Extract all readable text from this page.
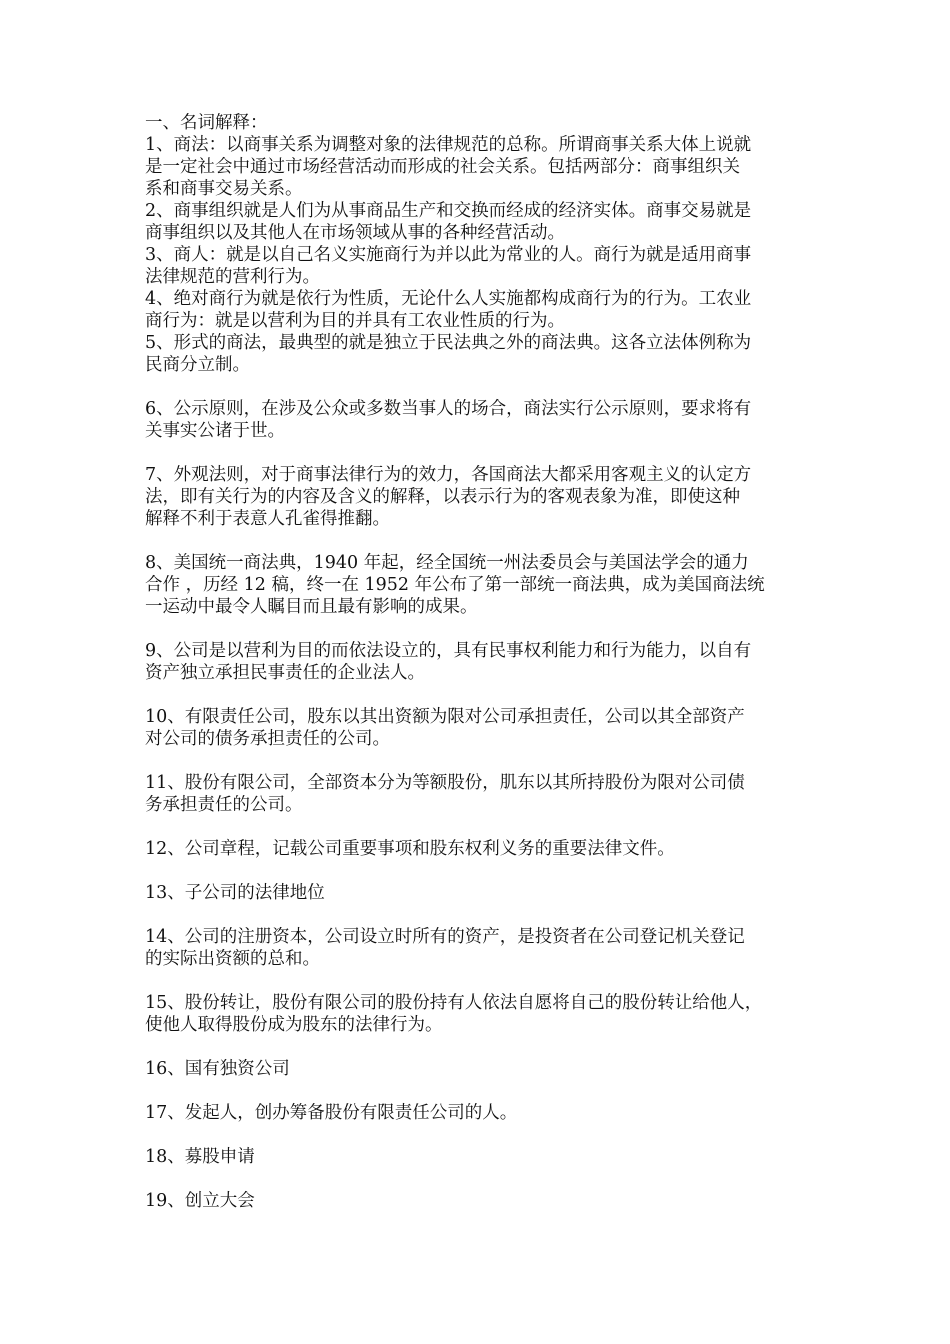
一、名词解释：
1、商法：以商事关系为调整对象的法律规范的总称。所谓商事关系大体上说就
是一定社会中通过市场经营活动而形成的社会关系。包括两部分：商事组织关
系和商事交易关系。
2、商事组织就是人们为从事商品生产和交换而经成的经济实体。商事交易就是
商事组织以及其他人在市场领域从事的各种经营活动。
3、商人：就是以自己名义实施商行为并以此为常业的人。商行为就是适用商事
法律规范的营利行为。
4、绝对商行为就是依行为性质，无论什么人实施都构成商行为的行为。工农业
商行为：就是以营利为目的并具有工农业性质的行为。
5、形式的商法，最典型的就是独立于民法典之外的商法典。这各立法体例称为
民商分立制。
6、公示原则，在涉及公众或多数当事人的场合，商法实行公示原则，要求将有
关事实公诸于世。
7、外观法则，对于商事法律行为的效力，各国商法大都采用客观主义的认定方
法，即有关行为的内容及含义的解释，以表示行为的客观表象为准，即使这种
解释不利于表意人孔雀得推翻。
8、美国统一商法典，1940 年起，经全国统一州法委员会与美国法学会的通力
合作 ，历经 12 稿，终一在 1952 年公布了第一部统一商法典，成为美国商法统
一运动中最令人瞩目而且最有影响的成果。
9、公司是以营利为目的而依法设立的，具有民事权利能力和行为能力，以自有
资产独立承担民事责任的企业法人。
10、有限责任公司，股东以其出资额为限对公司承担责任，公司以其全部资产
对公司的债务承担责任的公司。
11、股份有限公司，全部资本分为等额股份，肌东以其所持股份为限对公司债
务承担责任的公司。
12、公司章程，记载公司重要事项和股东权利义务的重要法律文件。
13、子公司的法律地位
14、公司的注册资本，公司设立时所有的资产，是投资者在公司登记机关登记
的实际出资额的总和。
15、股份转让，股份有限公司的股份持有人依法自愿将自己的股份转让给他人，
使他人取得股份成为股东的法律行为。
16、国有独资公司
17、发起人，创办筹备股份有限责任公司的人。
18、募股申请
19、创立大会
